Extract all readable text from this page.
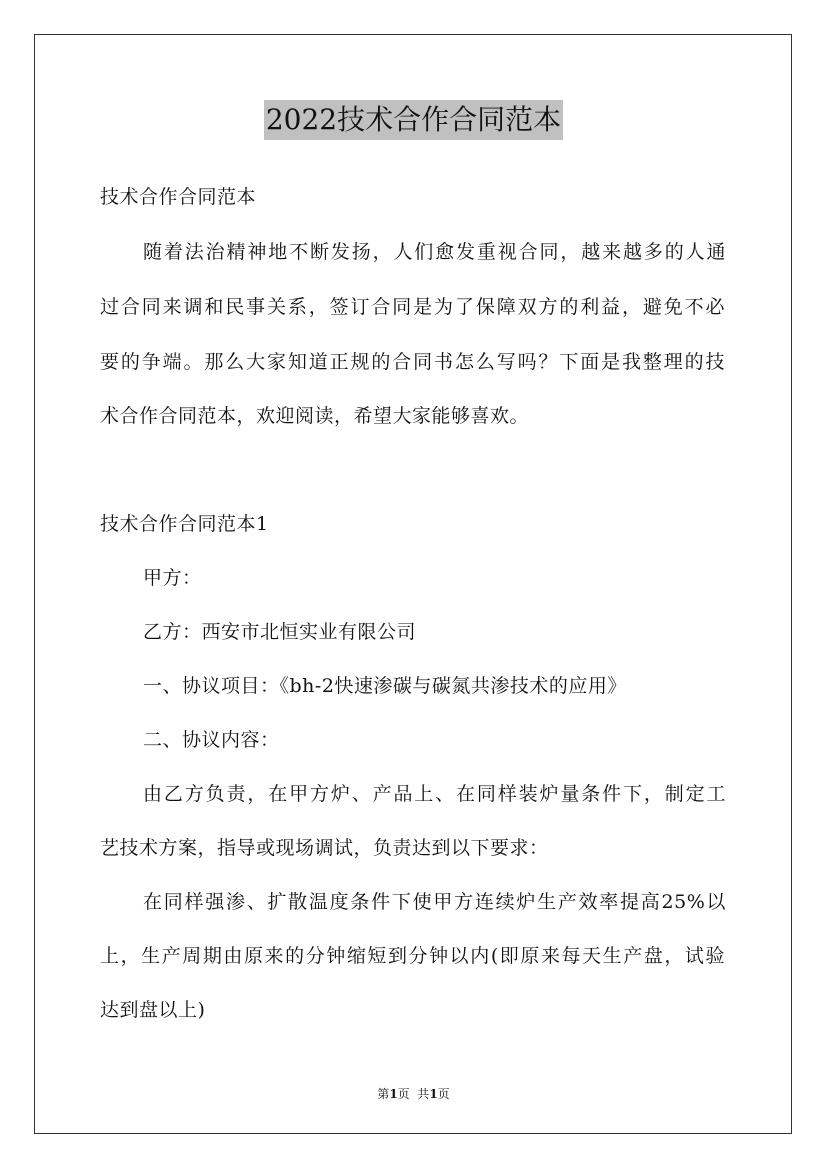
2022技术合作合同范本
技术合作合同范本
随着法治精神地不断发扬，人们愈发重视合同，越来越多的人通
过合同来调和民事关系，签订合同是为了保障双方的利益，避免不必
要的争端。那么大家知道正规的合同书怎么写吗？下面是我整理的技
术合作合同范本，欢迎阅读，希望大家能够喜欢。
技术合作合同范本1
甲方：
乙方：西安市北恒实业有限公司
一、协议项目：《bh-2快速渗碳与碳氮共渗技术的应用》
二、协议内容：
由乙方负责，在甲方炉、产品上、在同样装炉量条件下，制定工
艺技术方案，指导或现场调试，负责达到以下要求：
在同样强渗、扩散温度条件下使甲方连续炉生产效率提高25%以
上，生产周期由原来的分钟缩短到分钟以内(即原来每天生产盘，试验
达到盘以上)
第1页  共1页
